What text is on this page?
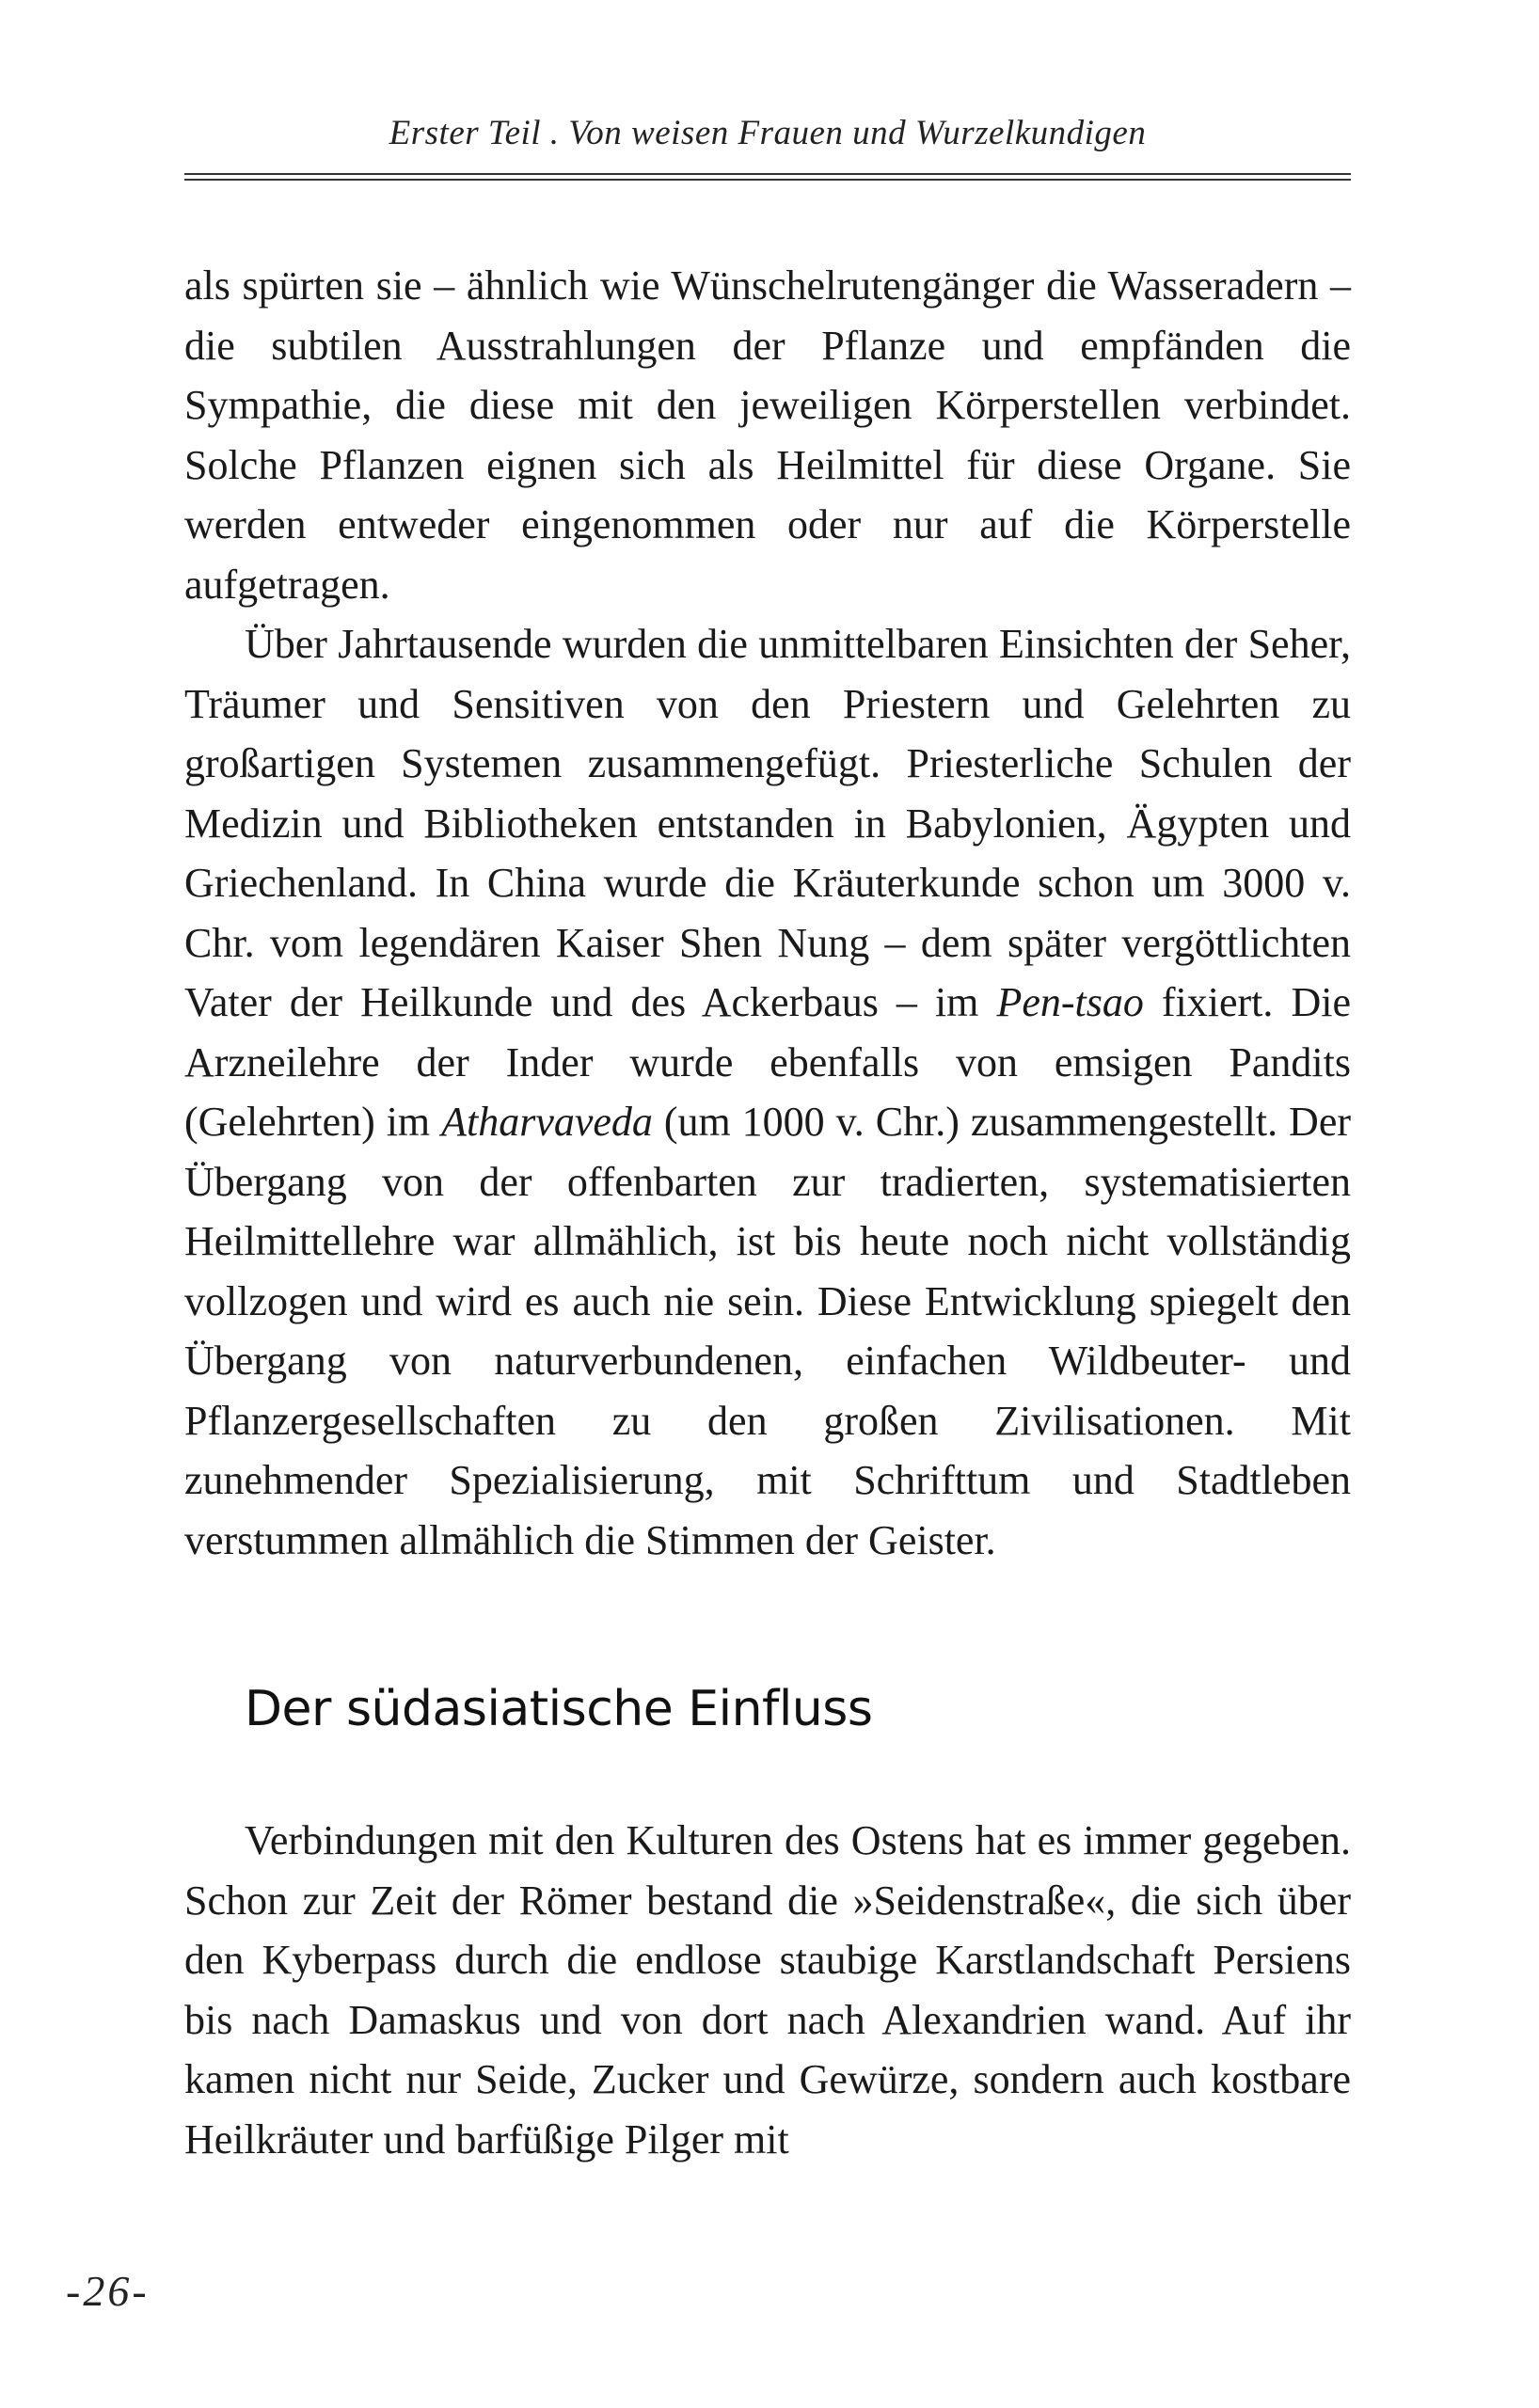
Erster Teil . Von weisen Frauen und Wurzelkundigen

als spürten sie – ähnlich wie Wünschelrutengänger die Wasseradern – die subtilen Ausstrahlungen der Pflanze und empfänden die Sympathie, die diese mit den jeweiligen Körperstellen verbindet. Solche Pflanzen eignen sich als Heilmittel für diese Organe. Sie werden entweder eingenommen oder nur auf die Körperstelle aufgetragen.

Über Jahrtausende wurden die unmittelbaren Einsichten der Seher, Träumer und Sensitiven von den Priestern und Gelehrten zu großartigen Systemen zusammengefügt. Priesterliche Schulen der Medizin und Bibliotheken entstanden in Babylonien, Ägypten und Griechenland. In China wurde die Kräuterkunde schon um 3000 v. Chr. vom legendären Kaiser Shen Nung – dem später vergöttlichten Vater der Heilkunde und des Ackerbaus – im Pen-tsao fixiert. Die Arzneilehre der Inder wurde ebenfalls von emsigen Pandits (Gelehrten) im Atharvaveda (um 1000 v. Chr.) zusammengestellt. Der Übergang von der offenbarten zur tradierten, systematisierten Heilmittellehre war allmählich, ist bis heute noch nicht vollständig vollzogen und wird es auch nie sein. Diese Entwicklung spiegelt den Übergang von naturverbundenen, einfachen Wildbeuter- und Pflanzergesellschaften zu den großen Zivilisationen. Mit zunehmender Spezialisierung, mit Schrifttum und Stadtleben verstummen allmählich die Stimmen der Geister.

Der südasiatische Einfluss

Verbindungen mit den Kulturen des Ostens hat es immer gegeben. Schon zur Zeit der Römer bestand die »Seidenstraße«, die sich über den Kyberpass durch die endlose staubige Karstlandschaft Persiens bis nach Damaskus und von dort nach Alexandrien wand. Auf ihr kamen nicht nur Seide, Zucker und Gewürze, sondern auch kostbare Heilkräuter und barfüßige Pilger mit

-26-
